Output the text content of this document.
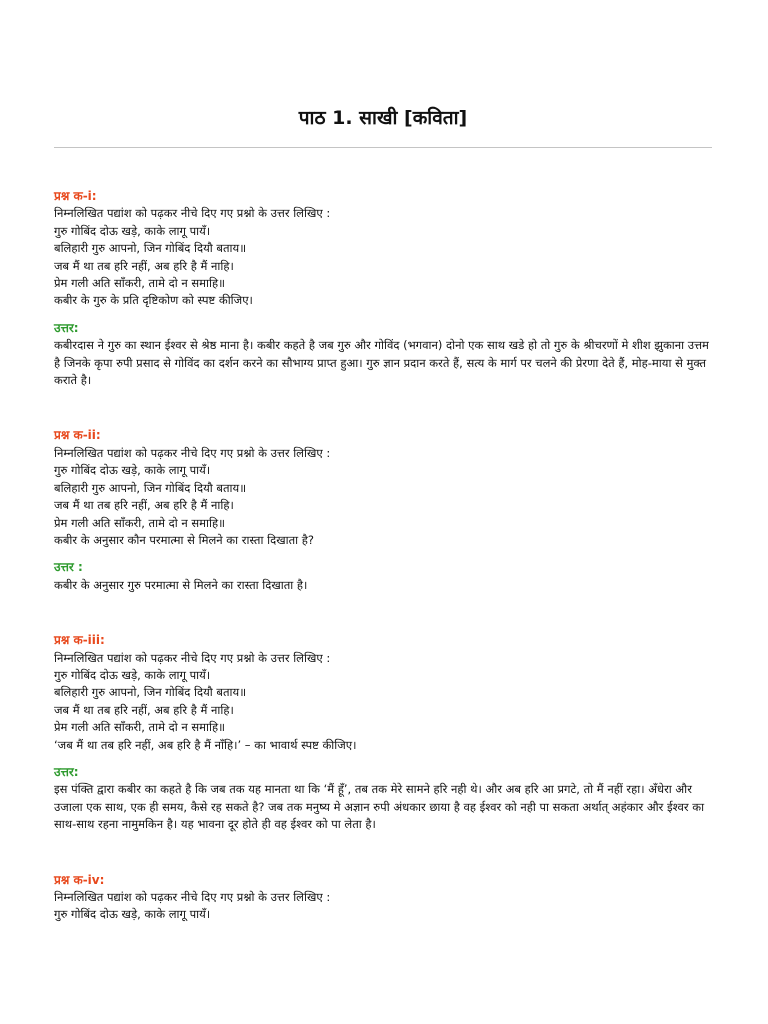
पाठ 1. साखी [कविता]
प्रश्न क-i:
निम्नलिखित पद्यांश को पढ़कर नीचे दिए गए प्रश्नो के उत्तर लिखिए :
गुरु गोबिंद दोऊ खड़े, काके लागू पायँ।
बलिहारी गुरु आपनो, जिन गोबिंद दियौ बताय॥
जब मैं था तब हरि नहीं, अब हरि है मैं नाहि।
प्रेम गली अति साँकरी, तामे दो न समाहि॥
कबीर के गुरु के प्रति दृष्टिकोण को स्पष्ट कीजिए।
उत्तर:
कबीरदास ने गुरु का स्थान ईश्वर से श्रेष्ठ माना है। कबीर कहते है जब गुरु और गोविंद (भगवान) दोनो एक साथ खडे हो तो गुरु के श्रीचरणों मे शीश झुकाना उत्तम है जिनके कृपा रुपी प्रसाद से गोविंद का दर्शन करने का सौभाग्य प्राप्त हुआ। गुरु ज्ञान प्रदान करते हैं, सत्य के मार्ग पर चलने की प्रेरणा देते हैं, मोह-माया से मुक्त कराते है।
प्रश्न क-ii:
निम्नलिखित पद्यांश को पढ़कर नीचे दिए गए प्रश्नो के उत्तर लिखिए :
गुरु गोबिंद दोऊ खड़े, काके लागू पायँ।
बलिहारी गुरु आपनो, जिन गोबिंद दियौ बताय॥
जब मैं था तब हरि नहीं, अब हरि है मैं नाहि।
प्रेम गली अति साँकरी, तामे दो न समाहि॥
कबीर के अनुसार कौन परमात्मा से मिलने का रास्ता दिखाता है?
उत्तर :
कबीर के अनुसार गुरु परमात्मा से मिलने का रास्ता दिखाता है।
प्रश्न क-iii:
निम्नलिखित पद्यांश को पढ़कर नीचे दिए गए प्रश्नो के उत्तर लिखिए :
गुरु गोबिंद दोऊ खड़े, काके लागू पायँ।
बलिहारी गुरु आपनो, जिन गोबिंद दियौ बताय॥
जब मैं था तब हरि नहीं, अब हरि है मैं नाहि।
प्रेम गली अति साँकरी, तामे दो न समाहि॥
‘जब मैं था तब हरि नहीं, अब हरि है मैं नाँहि।’ – का भावार्थ स्पष्ट कीजिए।
उत्तर:
इस पंक्ति द्वारा कबीर का कहते है कि जब तक यह मानता था कि ‘मैं हूँ’, तब तक मेरे सामने हरि नही थे। और अब हरि आ प्रगटे, तो मैं नहीं रहा। अँधेरा और उजाला एक साथ, एक ही समय, कैसे रह सकते है? जब तक मनुष्य मे अज्ञान रुपी अंधकार छाया है वह ईश्वर को नही पा सकता अर्थात् अहंकार और ईश्वर का साथ-साथ रहना नामुमकिन है। यह भावना दूर होते ही वह ईश्वर को पा लेता है।
प्रश्न क-iv:
निम्नलिखित पद्यांश को पढ़कर नीचे दिए गए प्रश्नो के उत्तर लिखिए :
गुरु गोबिंद दोऊ खड़े, काके लागू पायँ।
